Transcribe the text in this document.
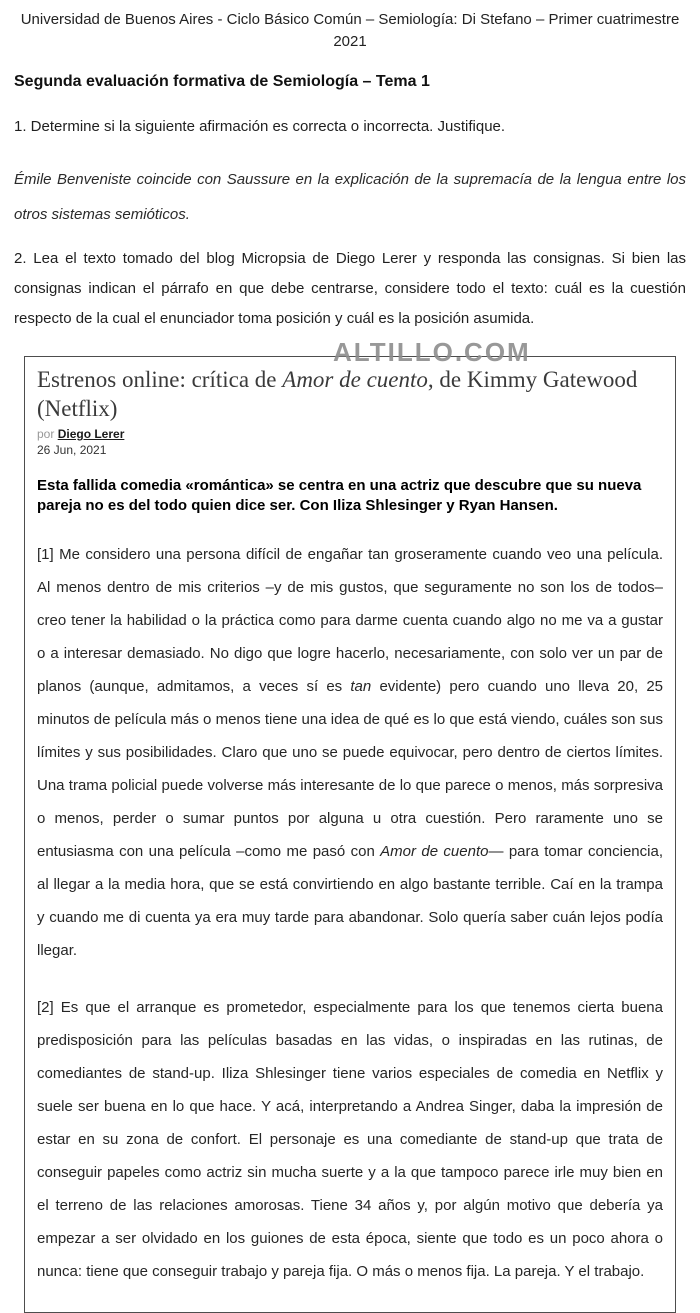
Universidad de Buenos Aires - Ciclo Básico Común – Semiología: Di Stefano – Primer cuatrimestre 2021
Segunda evaluación formativa de Semiología – Tema 1

1. Determine si la siguiente afirmación es correcta o incorrecta. Justifique.

Émile Benveniste coincide con Saussure en la explicación de la supremacía de la lengua entre los otros sistemas semióticos.

2. Lea el texto tomado del blog Micropsia de Diego Lerer y responda las consignas. Si bien las consignas indican el párrafo en que debe centrarse, considere todo el texto: cuál es la cuestión respecto de la cual el enunciador toma posición y cuál es la posición asumida.

Estrenos online: crítica de Amor de cuento, de Kimmy Gatewood (Netflix)
por Diego Lerer
26 Jun, 2021

Esta fallida comedia «romántica» se centra en una actriz que descubre que su nueva pareja no es del todo quien dice ser. Con Iliza Shlesinger y Ryan Hansen.

[1] Me considero una persona difícil de engañar tan groseramente cuando veo una película. Al menos dentro de mis criterios –y de mis gustos, que seguramente no son los de todos– creo tener la habilidad o la práctica como para darme cuenta cuando algo no me va a gustar o a interesar demasiado. No digo que logre hacerlo, necesariamente, con solo ver un par de planos (aunque, admitamos, a veces sí es tan evidente) pero cuando uno lleva 20, 25 minutos de película más o menos tiene una idea de qué es lo que está viendo, cuáles son sus límites y sus posibilidades. Claro que uno se puede equivocar, pero dentro de ciertos límites. Una trama policial puede volverse más interesante de lo que parece o menos, más sorpresiva o menos, perder o sumar puntos por alguna u otra cuestión. Pero raramente uno se entusiasma con una película –como me pasó con Amor de cuento— para tomar conciencia, al llegar a la media hora, que se está convirtiendo en algo bastante terrible. Caí en la trampa y cuando me di cuenta ya era muy tarde para abandonar. Solo quería saber cuán lejos podía llegar.

[2] Es que el arranque es prometedor, especialmente para los que tenemos cierta buena predisposición para las películas basadas en las vidas, o inspiradas en las rutinas, de comediantes de stand-up. Iliza Shlesinger tiene varios especiales de comedia en Netflix y suele ser buena en lo que hace. Y acá, interpretando a Andrea Singer, daba la impresión de estar en su zona de confort. El personaje es una comediante de stand-up que trata de conseguir papeles como actriz sin mucha suerte y a la que tampoco parece irle muy bien en el terreno de las relaciones amorosas. Tiene 34 años y, por algún motivo que debería ya empezar a ser olvidado en los guiones de esta época, siente que todo es un poco ahora o nunca: tiene que conseguir trabajo y pareja fija. O más o menos fija. La pareja. Y el trabajo.

ALTILLO.COM
